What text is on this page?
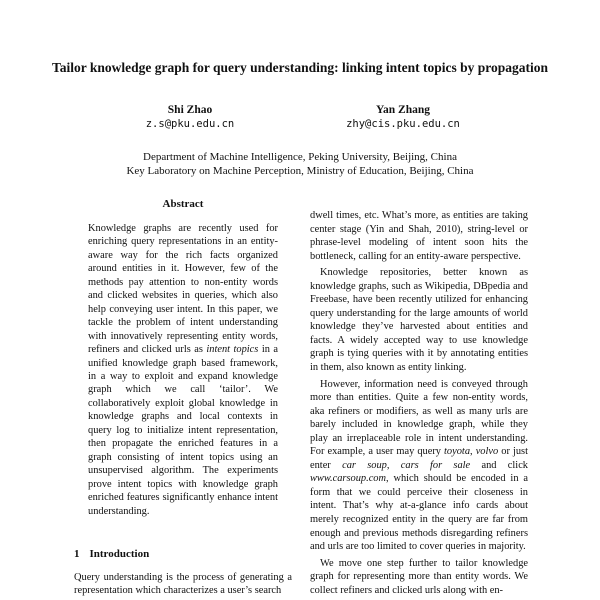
Tailor knowledge graph for query understanding: linking intent topics by propagation
Shi Zhao
z.s@pku.edu.cn
Yan Zhang
zhy@cis.pku.edu.cn
Department of Machine Intelligence, Peking University, Beijing, China
Key Laboratory on Machine Perception, Ministry of Education, Beijing, China
Abstract

Knowledge graphs are recently used for enriching query representations in an entity-aware way for the rich facts organized around entities in it. However, few of the methods pay attention to non-entity words and clicked websites in queries, which also help conveying user intent. In this paper, we tackle the problem of intent understanding with innovatively representing entity words, refiners and clicked urls as intent topics in a unified knowledge graph based framework, in a way to exploit and expand knowledge graph which we call ‘tailor’. We collaboratively exploit global knowledge in knowledge graphs and local contexts in query log to initialize intent representation, then propagate the enriched features in a graph consisting of intent topics using an unsupervised algorithm. The experiments prove intent topics with knowledge graph enriched features significantly enhance intent understanding.

1 Introduction

Query understanding is the process of generating a representation which characterizes a user’s search

dwell times, etc. What’s more, as entities are taking center stage (Yin and Shah, 2010), string-level or phrase-level modeling of intent soon hits the bottleneck, calling for an entity-aware perspective.

Knowledge repositories, better known as knowledge graphs, such as Wikipedia, DBpedia and Freebase, have been recently utilized for enhancing query understanding for the large amounts of world knowledge they’ve harvested about entities and facts. A widely accepted way to use knowledge graph is tying queries with it by annotating entities in them, also known as entity linking.

However, information need is conveyed through more than entities. Quite a few non-entity words, aka refiners or modifiers, as well as many urls are barely included in knowledge graph, while they play an irreplaceable role in intent understanding. For example, a user may query toyota, volvo or just enter car soup, cars for sale and click www.carsoup.com, which should be encoded in a form that we could perceive their closeness in intent. That’s why at-a-glance info cards about merely recognized entity in the query are far from enough and previous methods disregarding refiners and urls are too limited to cover queries in majority.

We move one step further to tailor knowledge graph for representing more than entity words. We collect refiners and clicked urls along with en-
